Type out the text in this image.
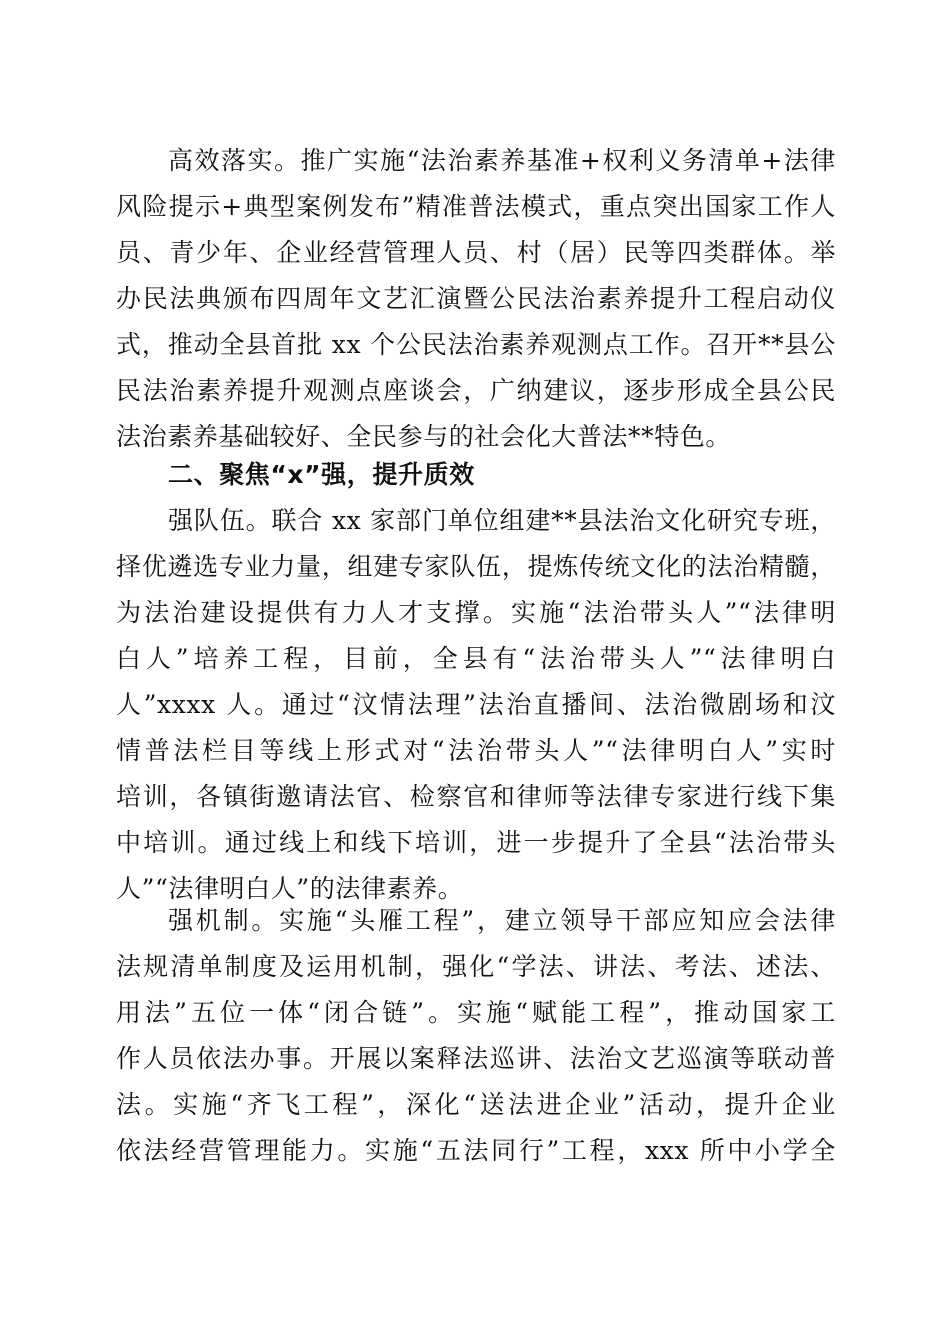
高效落实。推广实施“法治素养基准+权利义务清单+法律
风险提示+典型案例发布”精准普法模式，重点突出国家工作人
员、青少年、企业经营管理人员、村（居）民等四类群体。举
办民法典颁布四周年文艺汇演暨公民法治素养提升工程启动仪
式，推动全县首批 xx 个公民法治素养观测点工作。召开**县公
民法治素养提升观测点座谈会，广纳建议，逐步形成全县公民
法治素养基础较好、全民参与的社会化大普法**特色。
二、聚焦“x”强，提升质效
强队伍。联合 xx 家部门单位组建**县法治文化研究专班，
择优遴选专业力量，组建专家队伍，提炼传统文化的法治精髓，
为法治建设提供有力人才支撑。实施“法治带头人”“法律明
白人”培养工程，目前，全县有“法治带头人”“法律明白
人”xxxx 人。通过“汶情法理”法治直播间、法治微剧场和汶
情普法栏目等线上形式对“法治带头人”“法律明白人”实时
培训，各镇街邀请法官、检察官和律师等法律专家进行线下集
中培训。通过线上和线下培训，进一步提升了全县“法治带头
人”“法律明白人”的法律素养。
强机制。实施“头雁工程”，建立领导干部应知应会法律
法规清单制度及运用机制，强化“学法、讲法、考法、述法、
用法”五位一体“闭合链”。实施“赋能工程”，推动国家工
作人员依法办事。开展以案释法巡讲、法治文艺巡演等联动普
法。实施“齐飞工程”，深化“送法进企业”活动，提升企业
依法经营管理能力。实施“五法同行”工程，xxx 所中小学全
